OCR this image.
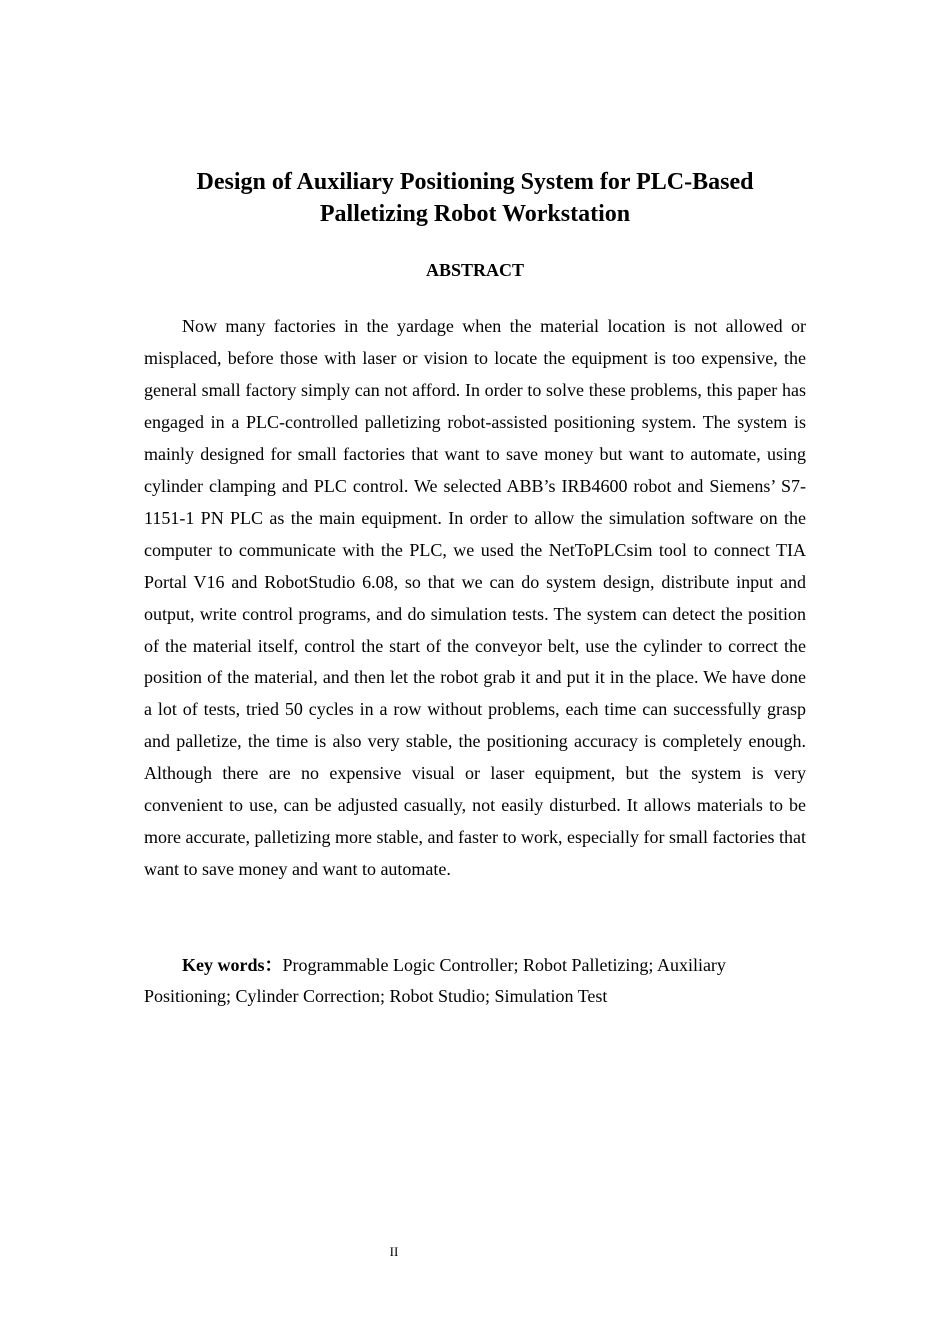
Design of Auxiliary Positioning System for PLC-Based Palletizing Robot Workstation
ABSTRACT

Now many factories in the yardage when the material location is not allowed or misplaced, before those with laser or vision to locate the equipment is too expensive, the general small factory simply can not afford. In order to solve these problems, this paper has engaged in a PLC-controlled palletizing robot-assisted positioning system. The system is mainly designed for small factories that want to save money but want to automate, using cylinder clamping and PLC control. We selected ABB’s IRB4600 robot and Siemens’ S7-1151-1 PN PLC as the main equipment. In order to allow the simulation software on the computer to communicate with the PLC, we used the NetToPLCsim tool to connect TIA Portal V16 and RobotStudio 6.08, so that we can do system design, distribute input and output, write control programs, and do simulation tests. The system can detect the position of the material itself, control the start of the conveyor belt, use the cylinder to correct the position of the material, and then let the robot grab it and put it in the place. We have done a lot of tests, tried 50 cycles in a row without problems, each time can successfully grasp and palletize, the time is also very stable, the positioning accuracy is completely enough. Although there are no expensive visual or laser equipment, but the system is very convenient to use, can be adjusted casually, not easily disturbed. It allows materials to be more accurate, palletizing more stable, and faster to work, especially for small factories that want to save money and want to automate.

Key words：Programmable Logic Controller; Robot Palletizing; Auxiliary Positioning; Cylinder Correction; Robot Studio; Simulation Test

II
